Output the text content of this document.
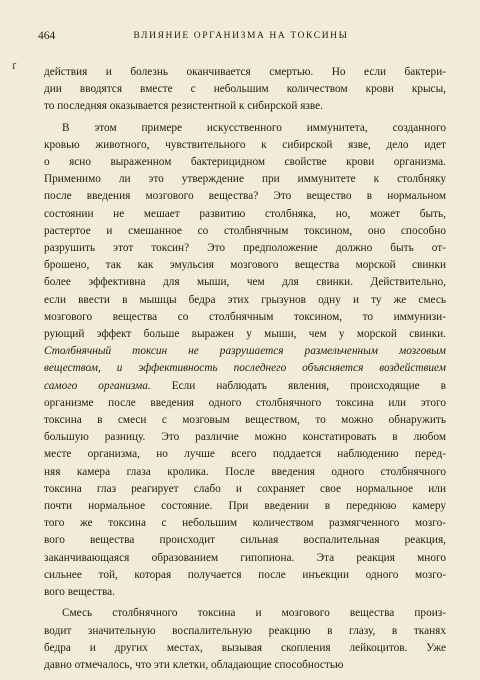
464	ВЛИЯНИЕ ОРГАНИЗМА НА ТОКСИНЫ
ґ действия и болезнь оканчивается смертью. Но если бактери-
дии вводятся вместе с небольшим количеством крови крысы,
то последняя оказывается резистентной к сибирской язве.

В этом примере искусственного иммунитета, созданного
кровью животного, чувствительного к сибирской язве, дело идет
о ясно выраженном бактерицидном свойстве крови организма.
Применимо ли это утверждение при иммунитете к столбняку
после введения мозгового вещества? Это вещество в нормальном
состоянии не мешает развитию столбняка, но, может быть,
растертое и смешанное со столбнячным токсином, оно способно
разрушить этот токсин? Это предположение должно быть от-
брошено, так как эмульсия мозгового вещества морской свинки
более эффективна для мыши, чем для свинки. Действительно,
если ввести в мышцы бедра этих грызунов одну и ту же смесь
мозгового вещества со столбнячным токсином, то иммунизи-
рующий эффект больше выражен у мыши, чем у морской свинки.
Столбнячный токсин не разрушается размельченным мозговым
веществом, и эффективность последнего объясняется воздействием
самого организма. Если наблюдать явления, происходящие в
организме после введения одного столбнячного токсина или этого
токсина в смеси с мозговым веществом, то можно обнаружить
большую разницу. Это различие можно констатировать в любом
месте организма, но лучше всего поддается наблюдению перед-
няя камера глаза кролика. После введения одного столбнячного
токсина глаз реагирует слабо и сохраняет свое нормальное или
почти нормальное состояние. При введении в переднюю камеру
того же токсина с небольшим количеством размягченного мозго-
вого вещества происходит сильная воспалительная реакция,
заканчивающаяся образованием гипопиона. Эта реакция много
сильнее той, которая получается после инъекции одного мозго-
вого вещества.

Смесь столбнячного токсина и мозгового вещества произ-
водит значительную воспалительную реакцию в глазу, в тканях
бедра и других местах, вызывая скопления лейкоцитов. Уже
давно отмечалось, что эти клетки, обладающие способностью
